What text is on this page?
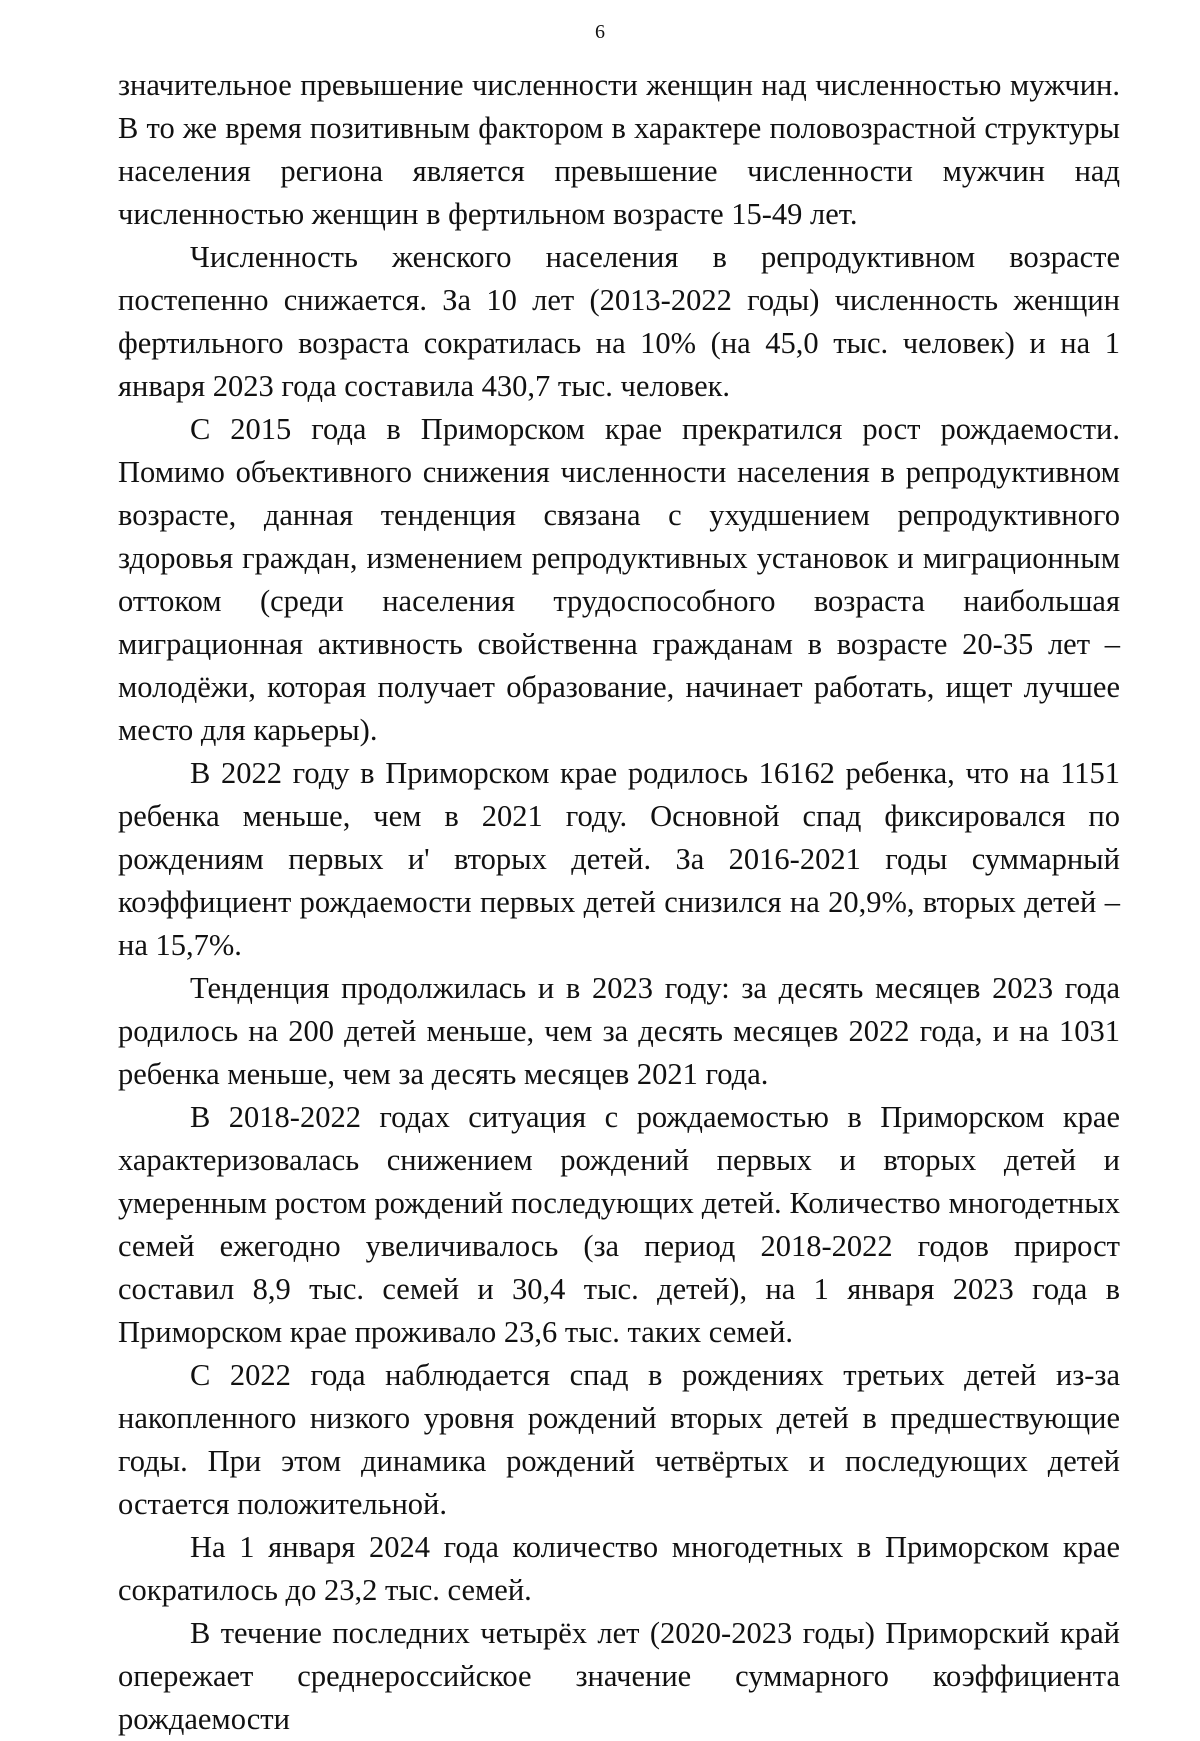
6

значительное превышение численности женщин над численностью мужчин. В то же время позитивным фактором в характере половозрастной структуры населения региона является превышение численности мужчин над численностью женщин в фертильном возрасте 15-49 лет.

Численность женского населения в репродуктивном возрасте постепенно снижается. За 10 лет (2013-2022 годы) численность женщин фертильного возраста сократилась на 10% (на 45,0 тыс. человек) и на 1 января 2023 года составила 430,7 тыс. человек.

С 2015 года в Приморском крае прекратился рост рождаемости. Помимо объективного снижения численности населения в репродуктивном возрасте, данная тенденция связана с ухудшением репродуктивного здоровья граждан, изменением репродуктивных установок и миграционным оттоком (среди населения трудоспособного возраста наибольшая миграционная активность свойственна гражданам в возрасте 20-35 лет – молодёжи, которая получает образование, начинает работать, ищет лучшее место для карьеры).

В 2022 году в Приморском крае родилось 16162 ребенка, что на 1151 ребенка меньше, чем в 2021 году. Основной спад фиксировался по рождениям первых и' вторых детей. За 2016-2021 годы суммарный коэффициент рождаемости первых детей снизился на 20,9%, вторых детей – на 15,7%.

Тенденция продолжилась и в 2023 году: за десять месяцев 2023 года родилось на 200 детей меньше, чем за десять месяцев 2022 года, и на 1031 ребенка меньше, чем за десять месяцев 2021 года.

В 2018-2022 годах ситуация с рождаемостью в Приморском крае характеризовалась снижением рождений первых и вторых детей и умеренным ростом рождений последующих детей. Количество многодетных семей ежегодно увеличивалось (за период 2018-2022 годов прирост составил 8,9 тыс. семей и 30,4 тыс. детей), на 1 января 2023 года в Приморском крае проживало 23,6 тыс. таких семей.

С 2022 года наблюдается спад в рождениях третьих детей из-за накопленного низкого уровня рождений вторых детей в предшествующие годы. При этом динамика рождений четвёртых и последующих детей остается положительной.

На 1 января 2024 года количество многодетных в Приморском крае сократилось до 23,2 тыс. семей.

В течение последних четырёх лет (2020-2023 годы) Приморский край опережает среднероссийское значение суммарного коэффициента рождаемости
